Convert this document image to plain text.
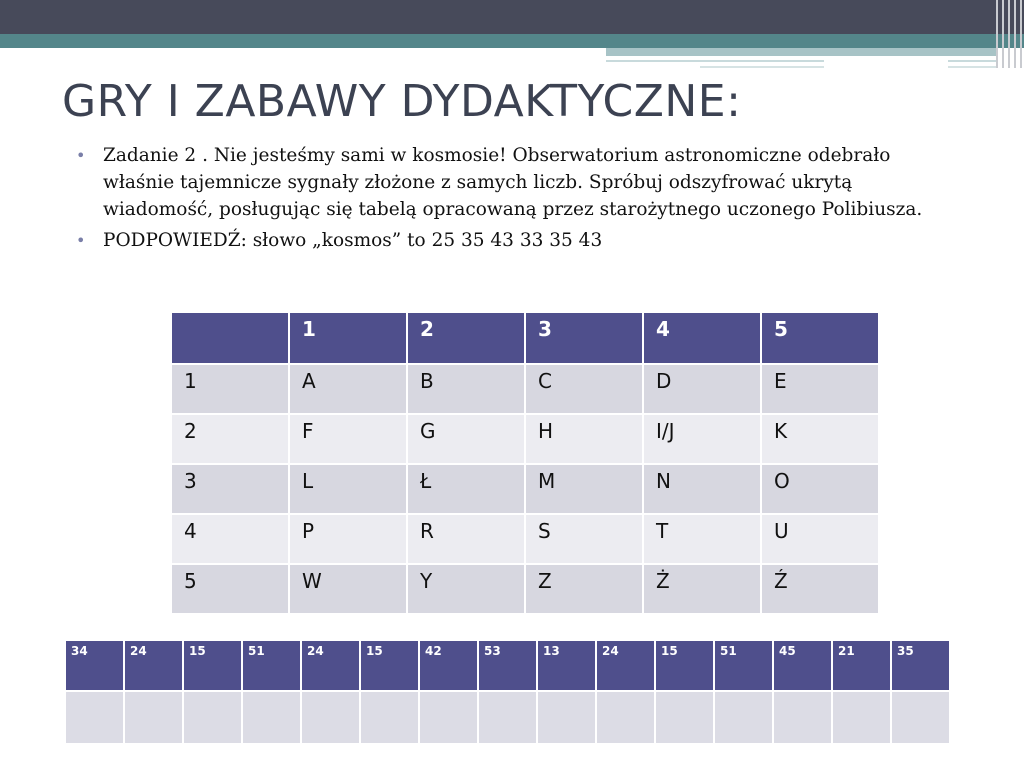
GRY I ZABAWY DYDAKTYCZNE:
• Zadanie 2 . Nie jesteśmy sami w kosmosie! Obserwatorium astronomiczne odebrało właśnie tajemnicze sygnały złożone z samych liczb. Spróbuj odszyfrować ukrytą wiadomość, posługując się tabelą opracowaną przez starożytnego uczonego Polibiusza.
• PODPOWIEDŹ: słowo „kosmos” to 25 35 43 33 35 43
	1	2	3	4	5
1	A	B	C	D	E
2	F	G	H	I/J	K
3	L	Ł	M	N	O
4	P	R	S	T	U
5	W	Y	Z	Ż	Ź
34	24	15	51	24	15	42	53	13	24	15	51	45	21	35
